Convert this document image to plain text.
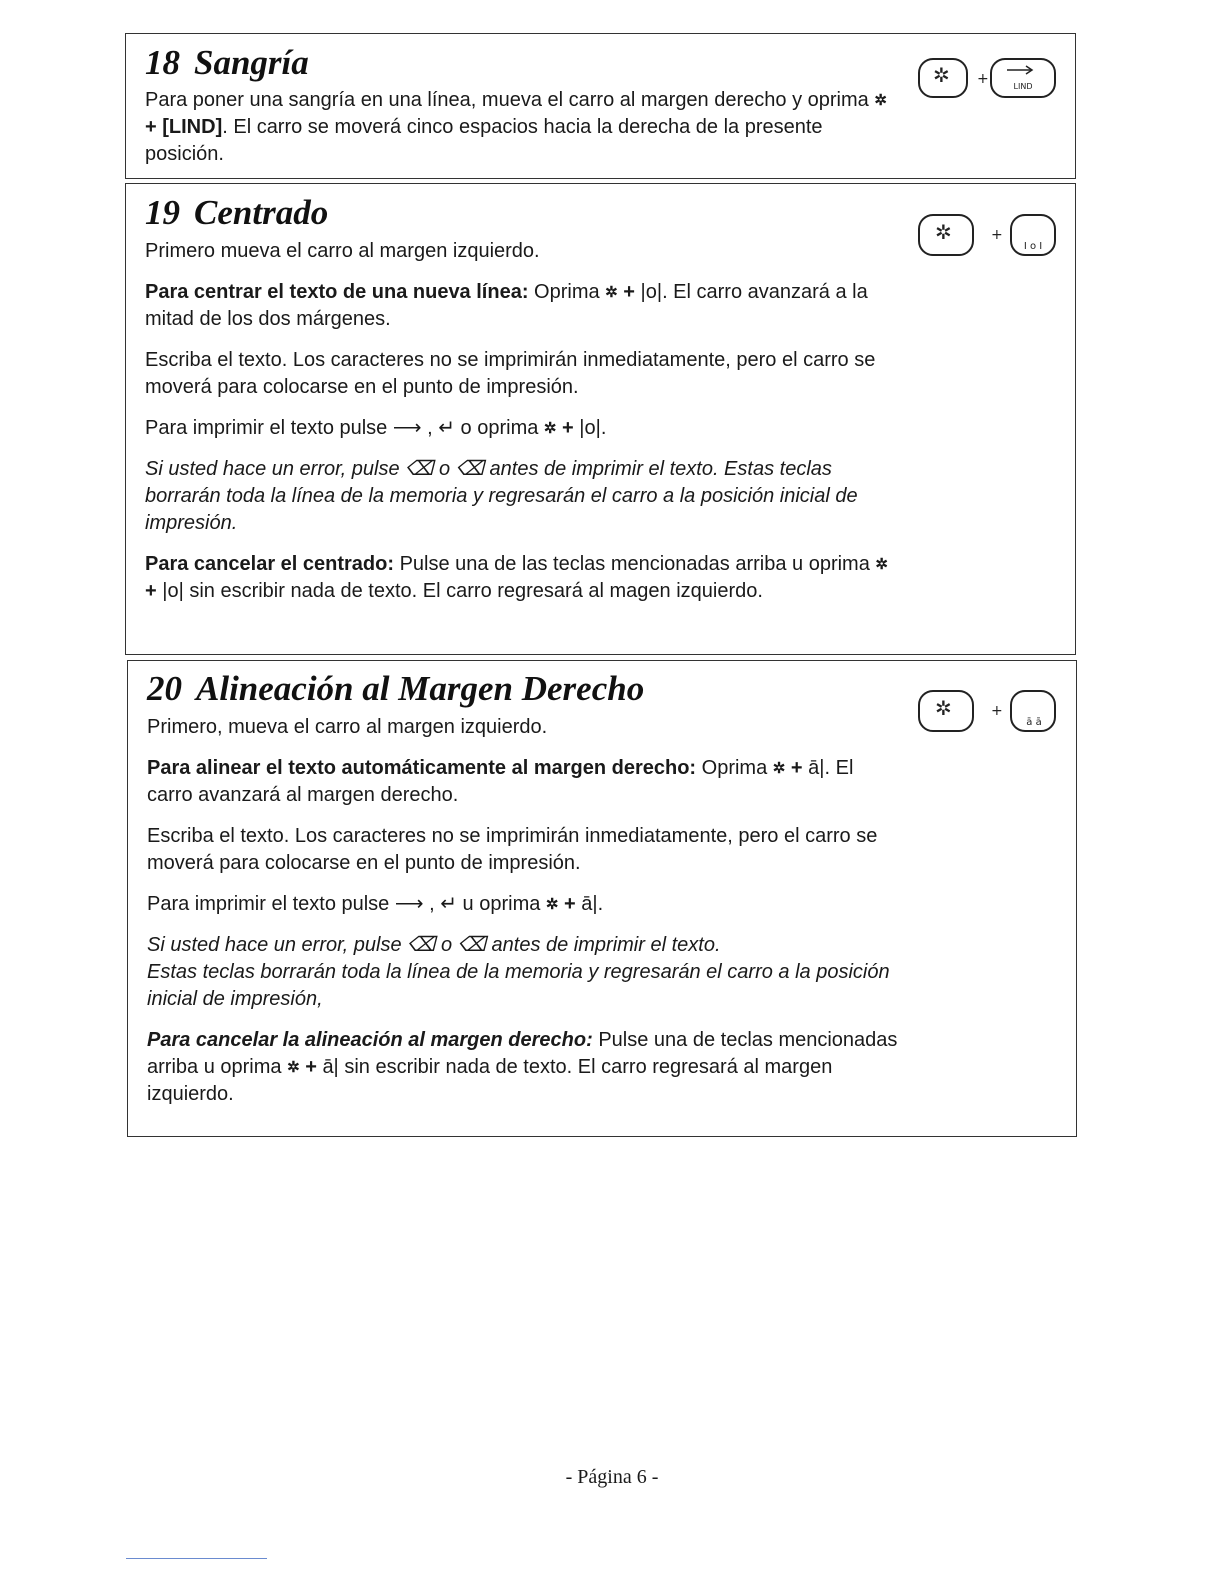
18 Sangría

Para poner una sangría en una línea, mueva el carro al margen derecho y oprima ✲ + [LIND]. El carro se moverá cinco espacios hacia la derecha de la presente posición.

✲ +	LIND
19 Centrado

Primero mueva el carro al margen izquierdo.

Para centrar el texto de una nueva línea: Oprima ✲ + |o|. El carro avanzará a la mitad de los dos márgenes.

Escriba el texto. Los caracteres no se imprimirán inmediatamente, pero el carro se moverá para colocarse en el punto de impresión.

Para imprimir el texto pulse ⟶ , ↵ o oprima ✲ + |o|.

Si usted hace un error, pulse ⌫ o ⌫ antes de imprimir el texto. Estas teclas borrarán toda la línea de la memoria y regresarán el carro a la posición inicial de impresión.

Para cancelar el centrado: Pulse una de las teclas mencionadas arriba u oprima ✲ + |o| sin escribir nada de texto. El carro regresará al magen izquierdo.

✲	+
I o I
20 Alineación al Margen Derecho

Primero, mueva el carro al margen izquierdo.

Para alinear el texto automáticamente al margen derecho: Oprima ✲ + ā|. El carro avanzará al margen derecho.

Escriba el texto. Los caracteres no se imprimirán inmediatamente, pero el carro se moverá para colocarse en el punto de impresión.

Para imprimir el texto pulse ⟶ , ↵ u oprima ✲ + ā|.

Si usted hace un error, pulse ⌫ o ⌫ antes de imprimir el texto.
Estas teclas borrarán toda la línea de la memoria y regresarán el carro a la posición inicial de impresión,

Para cancelar la alineación al margen derecho: Pulse una de teclas mencionadas arriba u oprima ✲ + ā| sin escribir nada de texto. El carro regresará al margen izquierdo.

✲	+
ā ā
- Página 6 -
